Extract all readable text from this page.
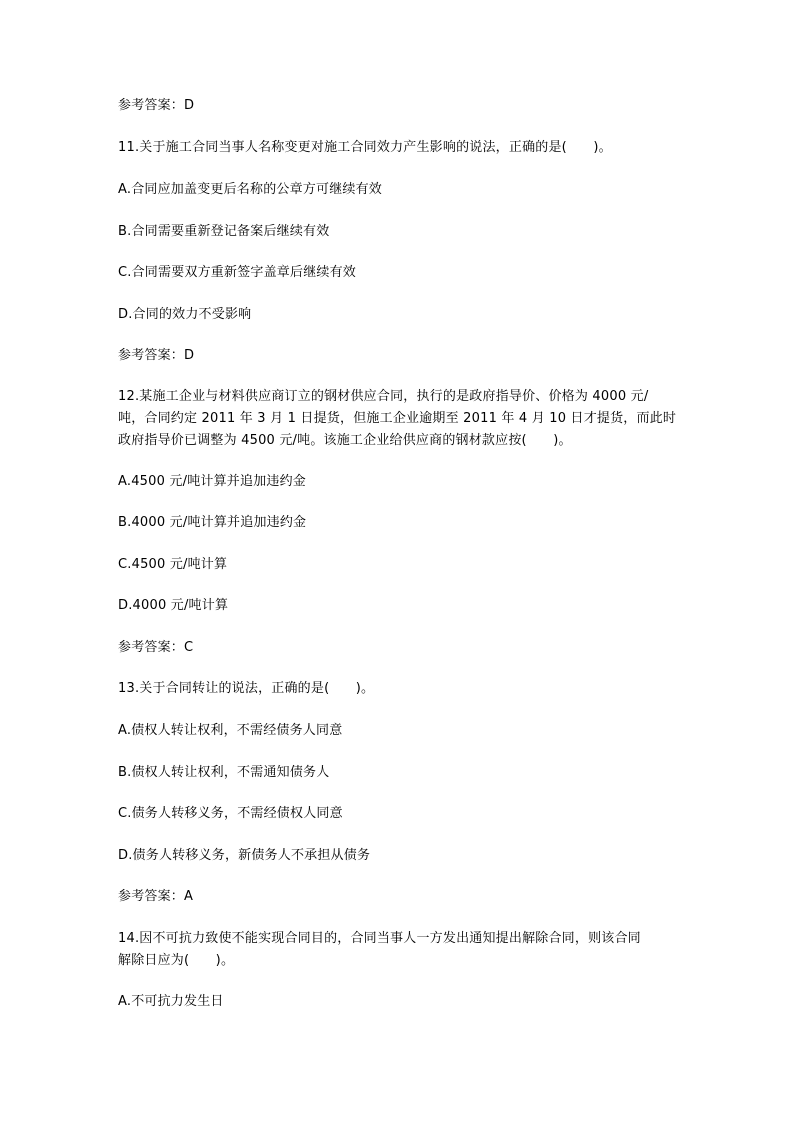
参考答案：D
11.关于施工合同当事人名称变更对施工合同效力产生影响的说法，正确的是(　　)。
A.合同应加盖变更后名称的公章方可继续有效
B.合同需要重新登记备案后继续有效
C.合同需要双方重新签字盖章后继续有效
D.合同的效力不受影响
参考答案：D
12.某施工企业与材料供应商订立的钢材供应合同，执行的是政府指导价、价格为 4000 元/
吨，合同约定 2011 年 3 月 1 日提货，但施工企业逾期至 2011 年 4 月 10 日才提货，而此时
政府指导价已调整为 4500 元/吨。该施工企业给供应商的钢材款应按(　　)。
A.4500 元/吨计算并追加违约金
B.4000 元/吨计算并追加违约金
C.4500 元/吨计算
D.4000 元/吨计算
参考答案：C
13.关于合同转让的说法，正确的是(　　)。
A.债权人转让权利，不需经债务人同意
B.债权人转让权利，不需通知债务人
C.债务人转移义务，不需经债权人同意
D.债务人转移义务，新债务人不承担从债务
参考答案：A
14.因不可抗力致使不能实现合同目的，合同当事人一方发出通知提出解除合同，则该合同
解除日应为(　　)。
A.不可抗力发生日
